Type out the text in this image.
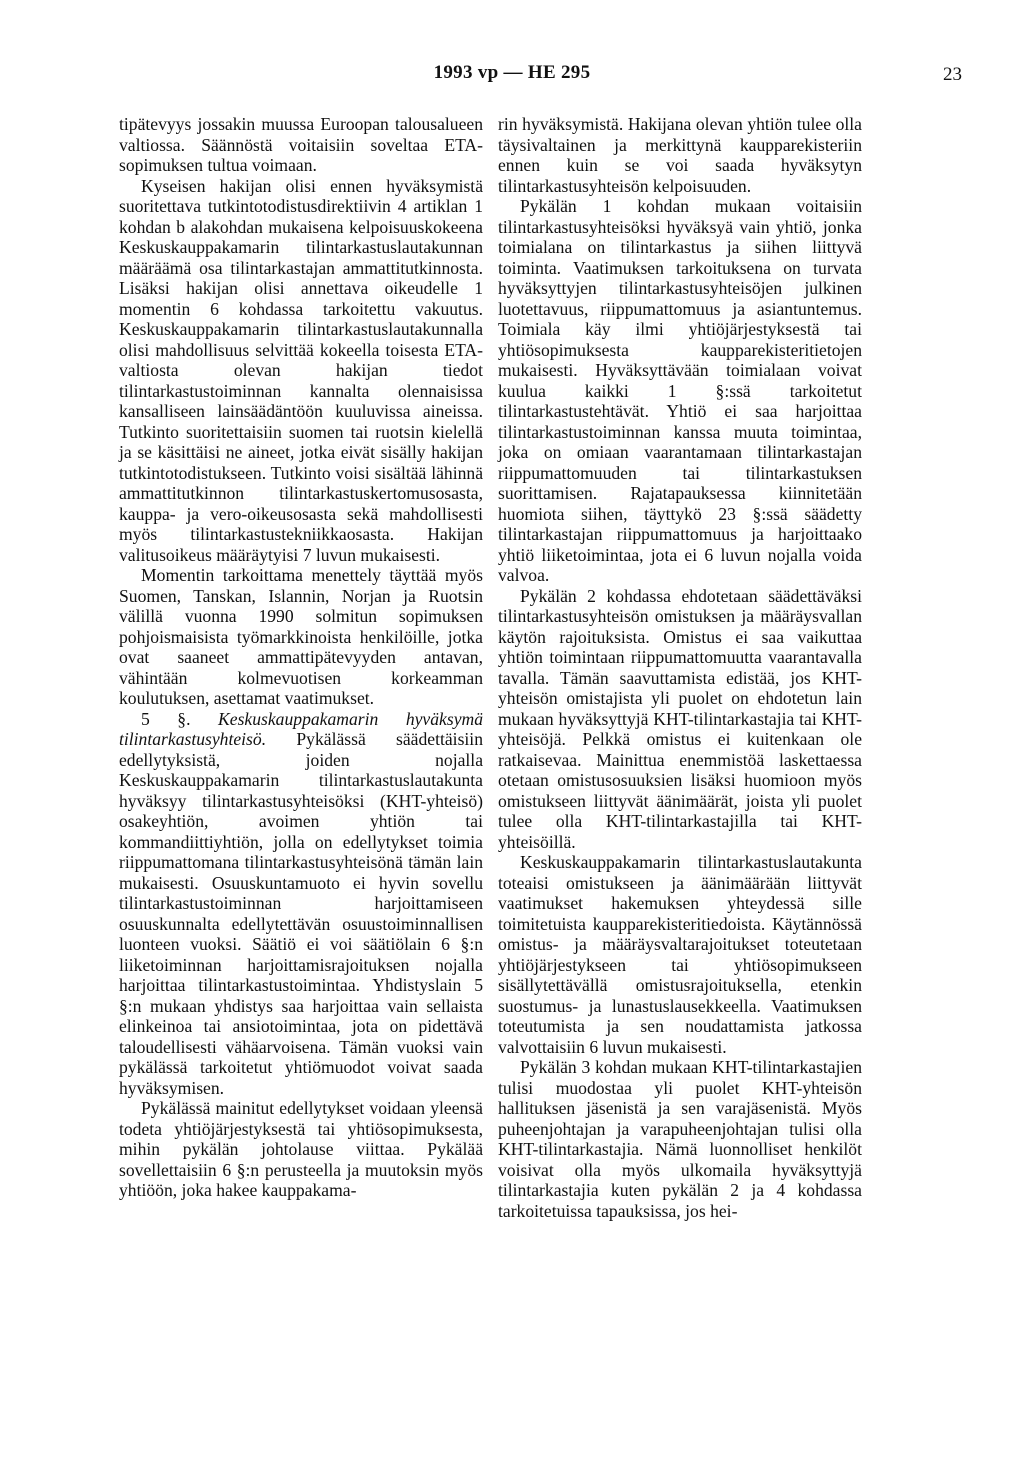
1993 vp — HE 295	23

tipätevyys jossakin muussa Euroopan talousalueen valtiossa. Säännöstä voitaisiin soveltaa ETA-sopimuksen tultua voimaan.

Kyseisen hakijan olisi ennen hyväksymistä suoritettava tutkintotodistusdirektiivin 4 artiklan 1 kohdan b alakohdan mukaisena kelpoisuuskokeena Keskuskauppakamarin tilintarkastuslautakunnan määräämä osa tilintarkastajan ammattitutkinnosta. Lisäksi hakijan olisi annettava oikeudelle 1 momentin 6 kohdassa tarkoitettu vakuutus. Keskuskauppakamarin tilintarkastuslautakunnalla olisi mahdollisuus selvittää kokeella toisesta ETA-valtiosta olevan hakijan tiedot tilintarkastustoiminnan kannalta olennaisissa kansalliseen lainsäädäntöön kuuluvissa aineissa. Tutkinto suoritettaisiin suomen tai ruotsin kielellä ja se käsittäisi ne aineet, jotka eivät sisälly hakijan tutkintotodistukseen. Tutkinto voisi sisältää lähinnä ammattitutkinnon tilintarkastuskertomusosasta, kauppa- ja vero-oikeusosasta sekä mahdollisesti myös tilintarkastustekniikkaosasta. Hakijan valitusoikeus määräytyisi 7 luvun mukaisesti.

Momentin tarkoittama menettely täyttää myös Suomen, Tanskan, Islannin, Norjan ja Ruotsin välillä vuonna 1990 solmitun sopimuksen pohjoismaisista työmarkkinoista henkilöille, jotka ovat saaneet ammattipätevyyden antavan, vähintään kolmevuotisen korkeamman koulutuksen, asettamat vaatimukset.

5 §. Keskuskauppakamarin hyväksymä tilintarkastusyhteisö. Pykälässä säädettäisiin edellytyksistä, joiden nojalla Keskuskauppakamarin tilintarkastuslautakunta hyväksyy tilintarkastusyhteisöksi (KHT-yhteisö) osakeyhtiön, avoimen yhtiön tai kommandiittiyhtiön, jolla on edellytykset toimia riippumattomana tilintarkastusyhteisönä tämän lain mukaisesti. Osuuskuntamuoto ei hyvin sovellu tilintarkastustoiminnan harjoittamiseen osuuskunnalta edellytettävän osuustoiminnallisen luonteen vuoksi. Säätiö ei voi säätiölain 6 §:n liiketoiminnan harjoittamisrajoituksen nojalla harjoittaa tilintarkastustoimintaa. Yhdistyslain 5 §:n mukaan yhdistys saa harjoittaa vain sellaista elinkeinoa tai ansiotoimintaa, jota on pidettävä taloudellisesti vähäarvoisena. Tämän vuoksi vain pykälässä tarkoitetut yhtiömuodot voivat saada hyväksymisen.

Pykälässä mainitut edellytykset voidaan yleensä todeta yhtiöjärjestyksestä tai yhtiösopimuksesta, mihin pykälän johtolause viittaa. Pykälää sovellettaisiin 6 §:n perusteella ja muutoksin myös yhtiöön, joka hakee kauppakama-

rin hyväksymistä. Hakijana olevan yhtiön tulee olla täysivaltainen ja merkittynä kaupparekisteriin ennen kuin se voi saada hyväksytyn tilintarkastusyhteisön kelpoisuuden.

Pykälän 1 kohdan mukaan voitaisiin tilintarkastusyhteisöksi hyväksyä vain yhtiö, jonka toimialana on tilintarkastus ja siihen liittyvä toiminta. Vaatimuksen tarkoituksena on turvata hyväksyttyjen tilintarkastusyhteisöjen julkinen luotettavuus, riippumattomuus ja asiantuntemus. Toimiala käy ilmi yhtiöjärjestyksestä tai yhtiösopimuksesta kaupparekisteritietojen mukaisesti. Hyväksyttävään toimialaan voivat kuulua kaikki 1 §:ssä tarkoitetut tilintarkastustehtävät. Yhtiö ei saa harjoittaa tilintarkastustoiminnan kanssa muuta toimintaa, joka on omiaan vaarantamaan tilintarkastajan riippumattomuuden tai tilintarkastuksen suorittamisen. Rajatapauksessa kiinnitetään huomiota siihen, täyttykö 23 §:ssä säädetty tilintarkastajan riippumattomuus ja harjoittaako yhtiö liiketoimintaa, jota ei 6 luvun nojalla voida valvoa.

Pykälän 2 kohdassa ehdotetaan säädettäväksi tilintarkastusyhteisön omistuksen ja määräysvallan käytön rajoituksista. Omistus ei saa vaikuttaa yhtiön toimintaan riippumattomuutta vaarantavalla tavalla. Tämän saavuttamista edistää, jos KHT-yhteisön omistajista yli puolet on ehdotetun lain mukaan hyväksyttyjä KHT-tilintarkastajia tai KHT-yhteisöjä. Pelkkä omistus ei kuitenkaan ole ratkaisevaa. Mainittua enemmistöä laskettaessa otetaan omistusosuuksien lisäksi huomioon myös omistukseen liittyvät äänimäärät, joista yli puolet tulee olla KHT-tilintarkastajilla tai KHT-yhteisöillä.

Keskuskauppakamarin tilintarkastuslautakunta toteaisi omistukseen ja äänimäärään liittyvät vaatimukset hakemuksen yhteydessä sille toimitetuista kaupparekisteritiedoista. Käytännössä omistus- ja määräysvaltarajoitukset toteutetaan yhtiöjärjestykseen tai yhtiösopimukseen sisällytettävällä omistusrajoituksella, etenkin suostumus- ja lunastuslausekkeella. Vaatimuksen toteutumista ja sen noudattamista jatkossa valvottaisiin 6 luvun mukaisesti.

Pykälän 3 kohdan mukaan KHT-tilintarkastajien tulisi muodostaa yli puolet KHT-yhteisön hallituksen jäsenistä ja sen varajäsenistä. Myös puheenjohtajan ja varapuheenjohtajan tulisi olla KHT-tilintarkastajia. Nämä luonnolliset henkilöt voisivat olla myös ulkomaila hyväksyttyjä tilintarkastajia kuten pykälän 2 ja 4 kohdassa tarkoitetuissa tapauksissa, jos hei-
